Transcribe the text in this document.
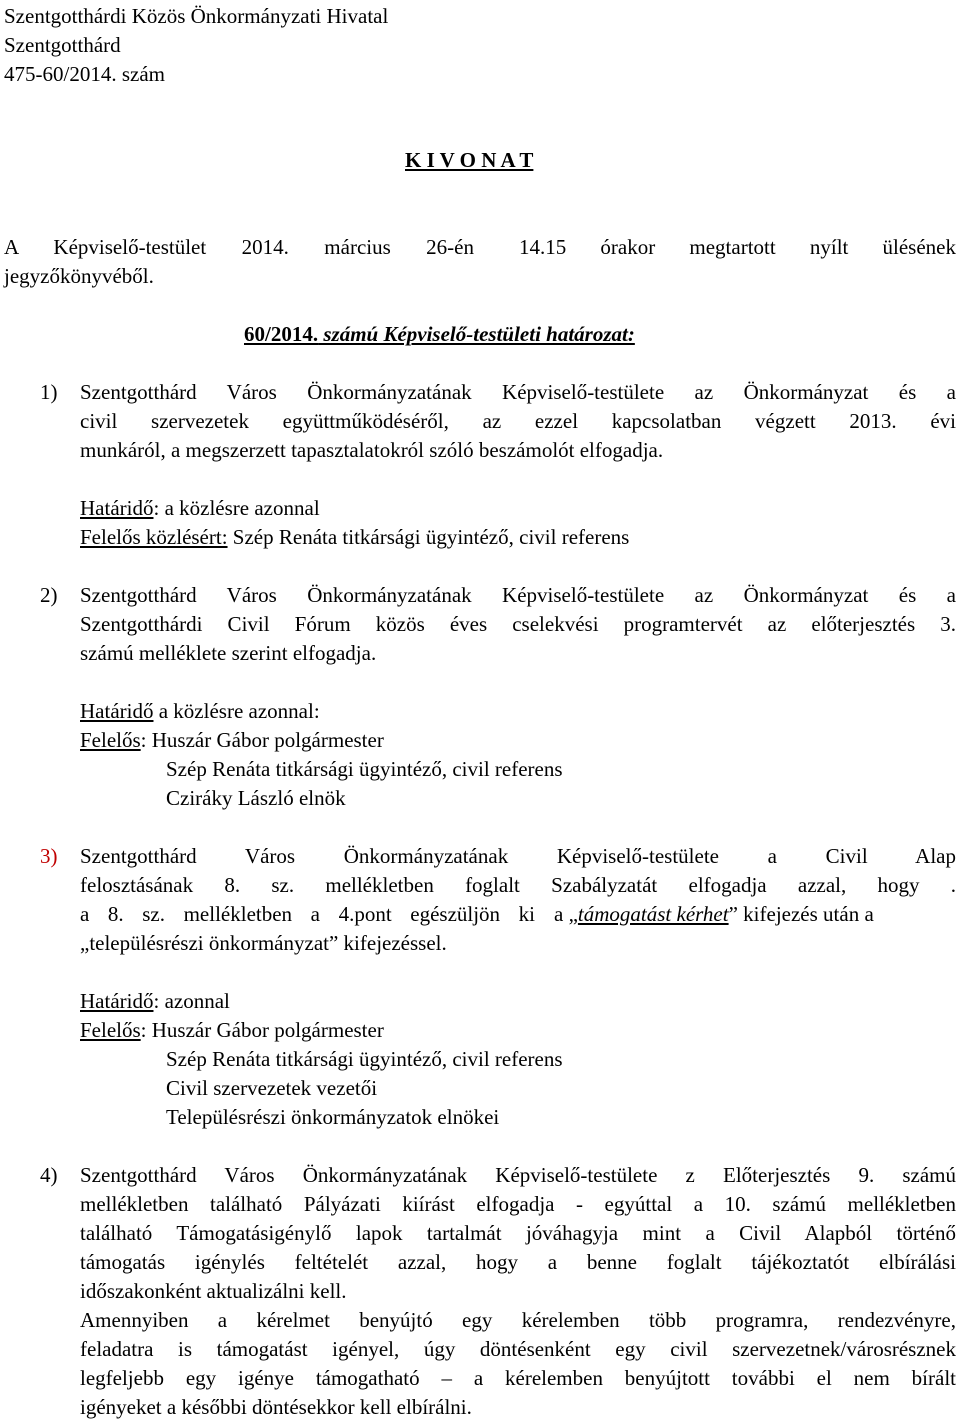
Szentgotthárdi Közös Önkormányzati Hivatal
Szentgotthárd
475-60/2014. szám
K I V O N A T
A Képviselő-testület 2014. március 26-én 14.15 órakor megtartott nyílt ülésének
jegyzőkönyvéből.
60/2014. számú Képviselő-testületi határozat:
1) Szentgotthárd Város Önkormányzatának Képviselő-testülete az Önkormányzat és a
civil szervezetek együttműködéséről, az ezzel kapcsolatban végzett 2013. évi
munkáról, a megszerzett tapasztalatokról szóló beszámolót elfogadja.
Határidő: a közlésre azonnal
Felelős közlésért: Szép Renáta titkársági ügyintéző, civil referens
2) Szentgotthárd Város Önkormányzatának Képviselő-testülete az Önkormányzat és a
Szentgotthárdi Civil Fórum közös éves cselekvési programtervét az előterjesztés 3.
számú melléklete szerint elfogadja.
Határidő a közlésre azonnal:
Felelős: Huszár Gábor polgármester
Szép Renáta titkársági ügyintéző, civil referens
Cziráky László elnök
3) Szentgotthárd Város Önkormányzatának Képviselő-testülete a Civil Alap
felosztásának 8. sz. mellékletben foglalt Szabályzatát elfogadja azzal, hogy .
a 8. sz. mellékletben a 4.pont egészüljön ki a „támogatást kérhet” kifejezés után a
„településrészi önkormányzat” kifejezéssel.
Határidő: azonnal
Felelős: Huszár Gábor polgármester
Szép Renáta titkársági ügyintéző, civil referens
Civil szervezetek vezetői
Településrészi önkormányzatok elnökei
4) Szentgotthárd Város Önkormányzatának Képviselő-testülete z Előterjesztés 9. számú
mellékletben található Pályázati kiírást elfogadja - egyúttal a 10. számú mellékletben
található Támogatásigénylő lapok tartalmát jóváhagyja mint a Civil Alapból történő
támogatás igénylés feltételét azzal, hogy a benne foglalt tájékoztatót elbírálási
időszakonként aktualizálni kell.
Amennyiben a kérelmet benyújtó egy kérelemben több programra, rendezvényre,
feladatra is támogatást igényel, úgy döntésenként egy civil szervezetnek/városrésznek
legfeljebb egy igénye támogatható – a kérelemben benyújtott további el nem bírált
igényeket a későbbi döntésekkor kell elbírálni.
